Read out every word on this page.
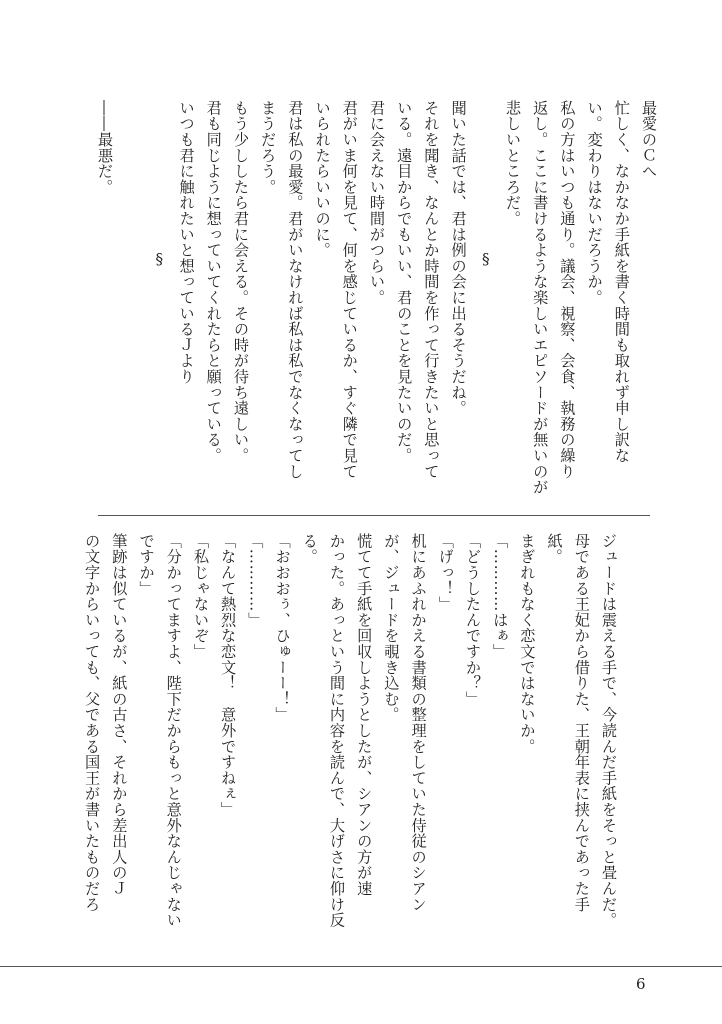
最愛のＣへ
忙しく、なかなか手紙を書く時間も取れず申し訳な
い。変わりはないだろうか。
私の方はいつも通り。議会、視察、会食、執務の繰り
返し。ここに書けるような楽しいエピソードが無いのが
悲しいところだ。
§
聞いた話では、君は例の会に出るそうだね。
それを聞き、なんとか時間を作って行きたいと思って
いる。遠目からでもいい、君のことを見たいのだ。
君に会えない時間がつらい。
君がいま何を見て、何を感じているか、すぐ隣で見て
いられたらいいのに。
君は私の最愛。君がいなければ私は私でなくなってし
まうだろう。
もう少ししたら君に会える。その時が待ち遠しい。
君も同じように想っていてくれたらと願っている。
いつも君に触れたいと想っているＪより
§

――最悪だ。
ジュードは震える手で、今読んだ手紙をそっと畳んだ。
母である王妃から借りた、王朝年表に挟んであった手
紙。
まぎれもなく恋文ではないか。
「…………はぁ」
「どうしたんですか？」
「げっ！」
机にあふれかえる書類の整理をしていた侍従のシアン
が、ジュードを覗き込む。
慌てて手紙を回収しようとしたが、シアンの方が速
かった。あっという間に内容を読んで、大げさに仰け反
る。
「おおおぅ、ひゅーー！」
「…………」
「なんて熱烈な恋文！　意外ですねぇ」
「私じゃないぞ」
「分かってますよ、陛下だからもっと意外なんじゃない
ですか」
筆跡は似ているが、紙の古さ、それから差出人のＪ
の文字からいっても、父である国王が書いたものだろ
6
